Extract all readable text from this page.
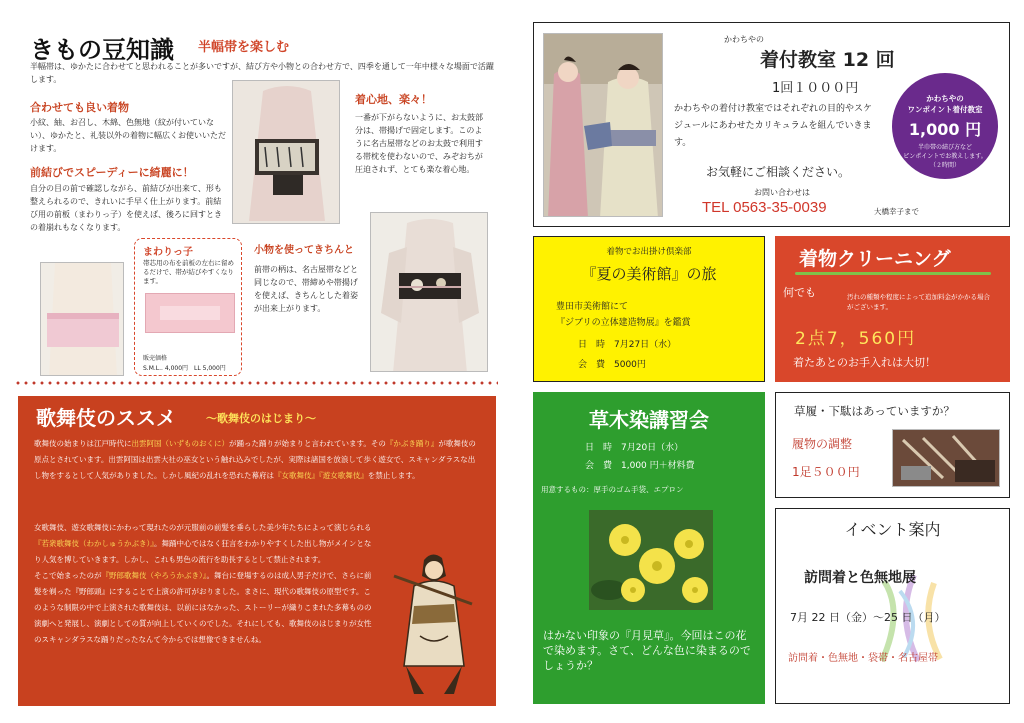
きもの豆知識 半幅帯を楽しむ
半幅帯は、ゆかたに合わせてと思われることが多いですが、結び方や小物との合わせ方で、四季を通して一年中様々な場面で活躍します。
合わせても良い着物
小紋、紬、お召し、木綿、色無地（紋が付いていない）、ゆかたと、礼装以外の着物に幅広くお使いいただけます。
前結びでスピーディーに綺麗に！
自分の目の前で確認しながら、前結びが出来て、形も整えられるので、きれいに手早く仕上がります。前結び用の前板（まわりっ子）を使えば、後ろに回すときの着崩れもなくなります。
着心地、楽々！
一番が下がらないように、お太鼓部分は、帯揚げで固定します。このように名古屋帯などのお太鼓で利用する帯枕を使わないので、みぞおちが圧迫されず、とても楽な着心地。
まわりっ子
帯芯用の布を前板の左右に留めるだけで、帯が結びやすくなります。
販売価格
S.M.L.. 4,000円　LL 5,000円
小物を使ってきちんと
前帯の柄は、名古屋帯などと同じなので、帯締めや帯揚げを使えば、きちんとした着姿が出来上がります。
歌舞伎のススメ	～歌舞伎のはじまり～
歌舞伎の始まりは江戸時代に出雲阿国（いずものおくに）が踊った踊りが始まりと言われています。その『かぶき踊り』が歌舞伎の原点とされています。出雲阿国は出雲大社の巫女という触れ込みでしたが、実際は諸国を放浪して歩く遊女で、スキャンダラスな出し物をするとして人気がありました。しかし風紀の乱れを恐れた幕府は『女歌舞伎』『遊女歌舞伎』を禁止します。
女歌舞伎、遊女歌舞伎にかわって現れたのが元服前の前髪を垂らした美少年たちによって演じられる『若衆歌舞伎（わかしゅうかぶき）』。舞踊中心ではなく狂言をわかりやすくした出し物がメインとなり人気を博していきます。しかし、これも男色の流行を助長するとして禁止されます。
そこで始まったのが『野郎歌舞伎（やろうかぶき）』。舞台に登場するのは成人男子だけで、さらに前髪を剃った『野郎頭』にすることで上演の許可がおりました。まさに、現代の歌舞伎の原型です。このような制限の中で上演された歌舞伎は、以前にはなかった、ストーリーが織りこまれた多幕ものの演劇へと発展し、演劇としての質が向上していくのでした。それにしても、歌舞伎のはじまりが女性のスキャンダラスな踊りだったなんて今からでは想像できませんね。
かわちやの
着付教室 12 回
1回１０００円
かわちやの着付け教室ではそれぞれの目的やスケジュールにあわせたカリキュラムを組んでいきます。
お気軽にご相談ください。
お問い合わせは
TEL 0563-35-0039	大橋幸子まで
かわちやの
ワンポイント着付教室
1,000 円
半巾帯の結び方など
ピンポイントでお教えします。
（２時間）
着物でお出掛け倶楽部
『夏の美術館』の旅
豊田市美術館にて
『ジブリの立体建造物展』を鑑賞
日　時　7月27日（水）
会　費　5000円
着物クリーニング
何でも	汚れの種類や程度によって追加料金がかかる場合がございます。
2点7，560円
着たあとのお手入れは大切！
草木染講習会
日　時　7月20日（水）
会　費　1,000 円＋材料費
用意するもの：厚手のゴム手袋、エプロン
はかない印象の『月見草』。今回はこの花で染めます。さて、どんな色に染まるのでしょうか？
草履・下駄はあっていますか？
履物の調整
1足５００円
イベント案内
訪問着と色無地展
7月 22 日（金）～25 日（月）
訪問着・色無地・袋帯・名古屋帯
